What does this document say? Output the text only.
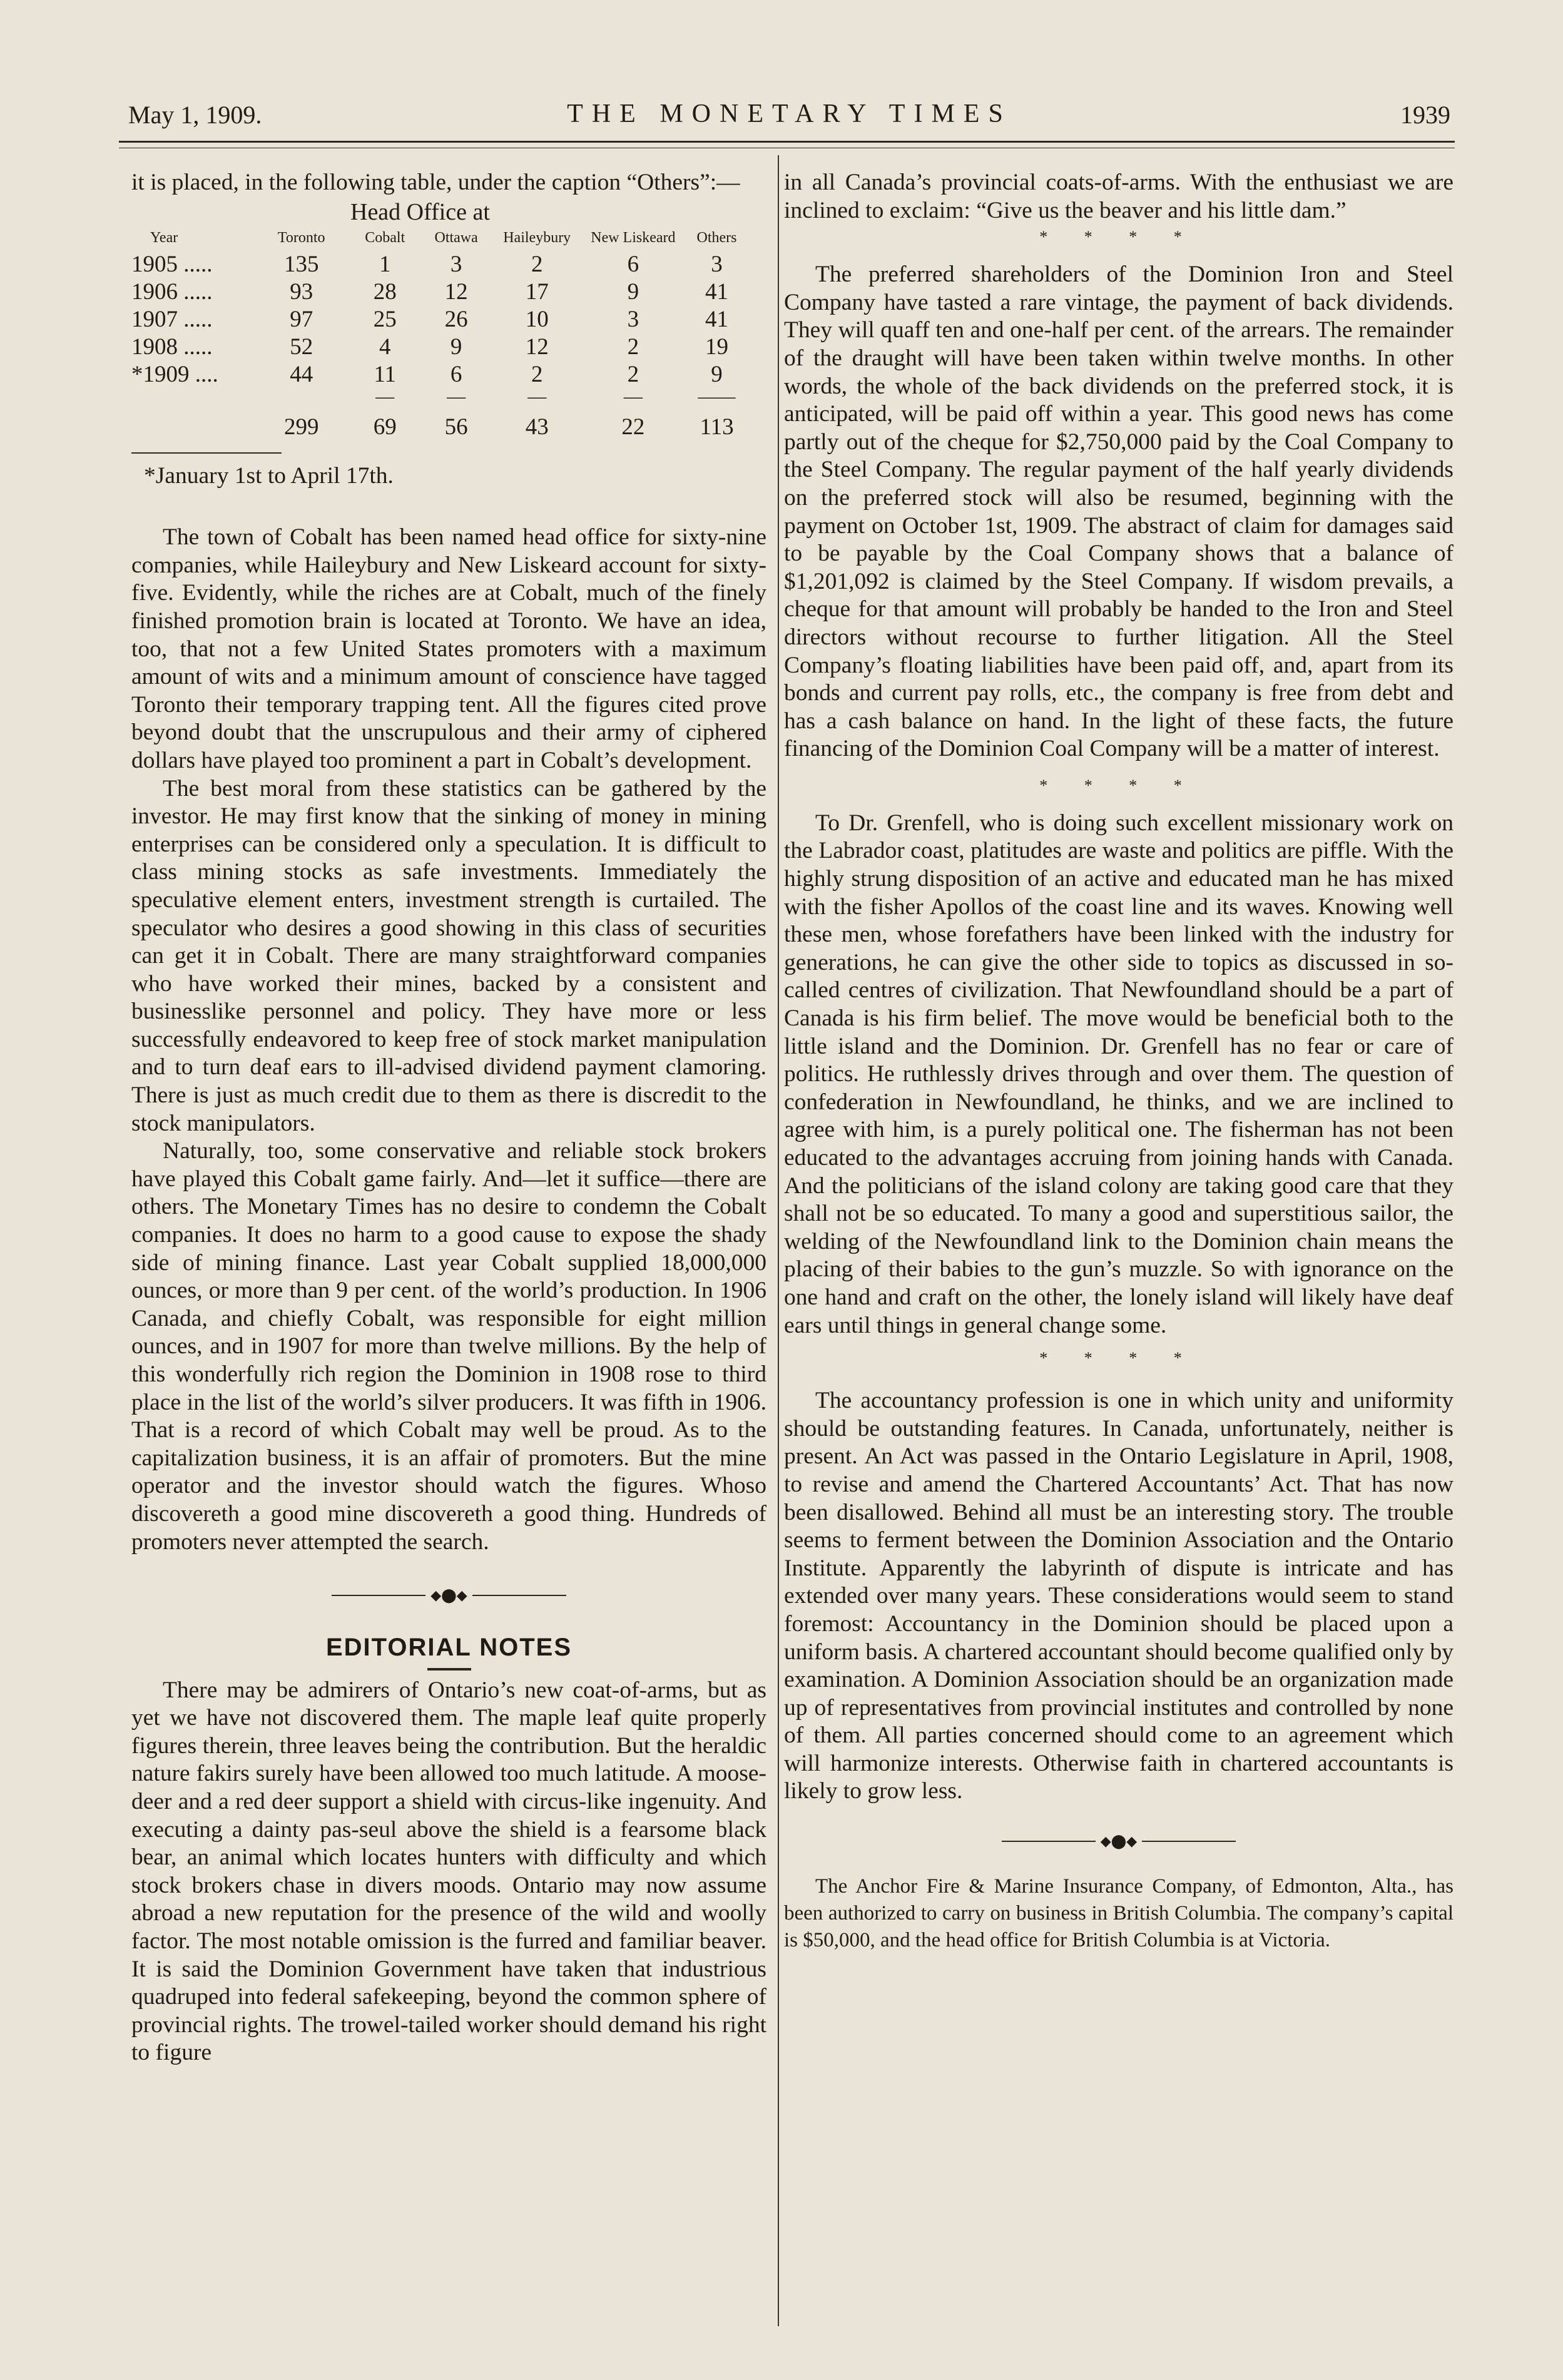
May 1, 1909.	THE MONETARY TIMES	1939

it is placed, in the following table, under the caption “Others”:—

Head Office at

Year	Toronto	Cobalt	Ottawa	Haileybury	New Liskeard	Others
1905 .....	135	1	3	2	6	3
1906 .....	93	28	12	17	9	41
1907 .....	97	25	26	10	3	41
1908 .....	52	4	9	12	2	19
*1909 ....	44	11	6	2	2	9
		—	—	—	—	——
	299	69	56	43	22	113

*January 1st to April 17th.

The town of Cobalt has been named head office for sixty-nine companies, while Haileybury and New Liskeard account for sixty-five. Evidently, while the riches are at Cobalt, much of the finely finished promotion brain is located at Toronto. We have an idea, too, that not a few United States promoters with a maximum amount of wits and a minimum amount of conscience have tagged Toronto their temporary trapping tent. All the figures cited prove beyond doubt that the unscrupulous and their army of ciphered dollars have played too prominent a part in Cobalt’s development.

The best moral from these statistics can be gathered by the investor. He may first know that the sinking of money in mining enterprises can be considered only a speculation. It is difficult to class mining stocks as safe investments. Immediately the speculative element enters, investment strength is curtailed. The speculator who desires a good showing in this class of securities can get it in Cobalt. There are many straightforward companies who have worked their mines, backed by a consistent and businesslike personnel and policy. They have more or less successfully endeavored to keep free of stock market manipulation and to turn deaf ears to ill-advised dividend payment clamoring. There is just as much credit due to them as there is discredit to the stock manipulators.

Naturally, too, some conservative and reliable stock brokers have played this Cobalt game fairly. And—let it suffice—there are others. The Monetary Times has no desire to condemn the Cobalt companies. It does no harm to a good cause to expose the shady side of mining finance. Last year Cobalt supplied 18,000,000 ounces, or more than 9 per cent. of the world’s production. In 1906 Canada, and chiefly Cobalt, was responsible for eight million ounces, and in 1907 for more than twelve millions. By the help of this wonderfully rich region the Dominion in 1908 rose to third place in the list of the world’s silver producers. It was fifth in 1906. That is a record of which Cobalt may well be proud. As to the capitalization business, it is an affair of promoters. But the mine operator and the investor should watch the figures. Whoso discovereth a good mine discovereth a good thing. Hundreds of promoters never attempted the search.

◆⬤◆
EDITORIAL NOTES

There may be admirers of Ontario’s new coat-of-arms, but as yet we have not discovered them. The maple leaf quite properly figures therein, three leaves being the contribution. But the heraldic nature fakirs surely have been allowed too much latitude. A moose-deer and a red deer support a shield with circus-like ingenuity. And executing a dainty pas-seul above the shield is a fearsome black bear, an animal which locates hunters with difficulty and which stock brokers chase in divers moods. Ontario may now assume abroad a new reputation for the presence of the wild and woolly factor. The most notable omission is the furred and familiar beaver. It is said the Dominion Government have taken that industrious quadruped into federal safekeeping, beyond the common sphere of provincial rights. The trowel-tailed worker should demand his right to figure

in all Canada’s provincial coats-of-arms. With the enthusiast we are inclined to exclaim: “Give us the beaver and his little dam.”

* * * *

The preferred shareholders of the Dominion Iron and Steel Company have tasted a rare vintage, the payment of back dividends. They will quaff ten and one-half per cent. of the arrears. The remainder of the draught will have been taken within twelve months. In other words, the whole of the back dividends on the preferred stock, it is anticipated, will be paid off within a year. This good news has come partly out of the cheque for $2,750,000 paid by the Coal Company to the Steel Company. The regular payment of the half yearly dividends on the preferred stock will also be resumed, beginning with the payment on October 1st, 1909. The abstract of claim for damages said to be payable by the Coal Company shows that a balance of $1,201,092 is claimed by the Steel Company. If wisdom prevails, a cheque for that amount will probably be handed to the Iron and Steel directors without recourse to further litigation. All the Steel Company’s floating liabilities have been paid off, and, apart from its bonds and current pay rolls, etc., the company is free from debt and has a cash balance on hand. In the light of these facts, the future financing of the Dominion Coal Company will be a matter of interest.

* * * *

To Dr. Grenfell, who is doing such excellent missionary work on the Labrador coast, platitudes are waste and politics are piffle. With the highly strung disposition of an active and educated man he has mixed with the fisher Apollos of the coast line and its waves. Knowing well these men, whose forefathers have been linked with the industry for generations, he can give the other side to topics as discussed in so-called centres of civilization. That Newfoundland should be a part of Canada is his firm belief. The move would be beneficial both to the little island and the Dominion. Dr. Grenfell has no fear or care of politics. He ruthlessly drives through and over them. The question of confederation in Newfoundland, he thinks, and we are inclined to agree with him, is a purely political one. The fisherman has not been educated to the advantages accruing from joining hands with Canada. And the politicians of the island colony are taking good care that they shall not be so educated. To many a good and superstitious sailor, the welding of the Newfoundland link to the Dominion chain means the placing of their babies to the gun’s muzzle. So with ignorance on the one hand and craft on the other, the lonely island will likely have deaf ears until things in general change some.

* * * *

The accountancy profession is one in which unity and uniformity should be outstanding features. In Canada, unfortunately, neither is present. An Act was passed in the Ontario Legislature in April, 1908, to revise and amend the Chartered Accountants’ Act. That has now been disallowed. Behind all must be an interesting story. The trouble seems to ferment between the Dominion Association and the Ontario Institute. Apparently the labyrinth of dispute is intricate and has extended over many years. These considerations would seem to stand foremost: Accountancy in the Dominion should be placed upon a uniform basis. A chartered accountant should become qualified only by examination. A Dominion Association should be an organization made up of representatives from provincial institutes and controlled by none of them. All parties concerned should come to an agreement which will harmonize interests. Otherwise faith in chartered accountants is likely to grow less.

◆⬤◆

The Anchor Fire & Marine Insurance Company, of Edmonton, Alta., has been authorized to carry on business in British Columbia. The company’s capital is $50,000, and the head office for British Columbia is at Victoria.
